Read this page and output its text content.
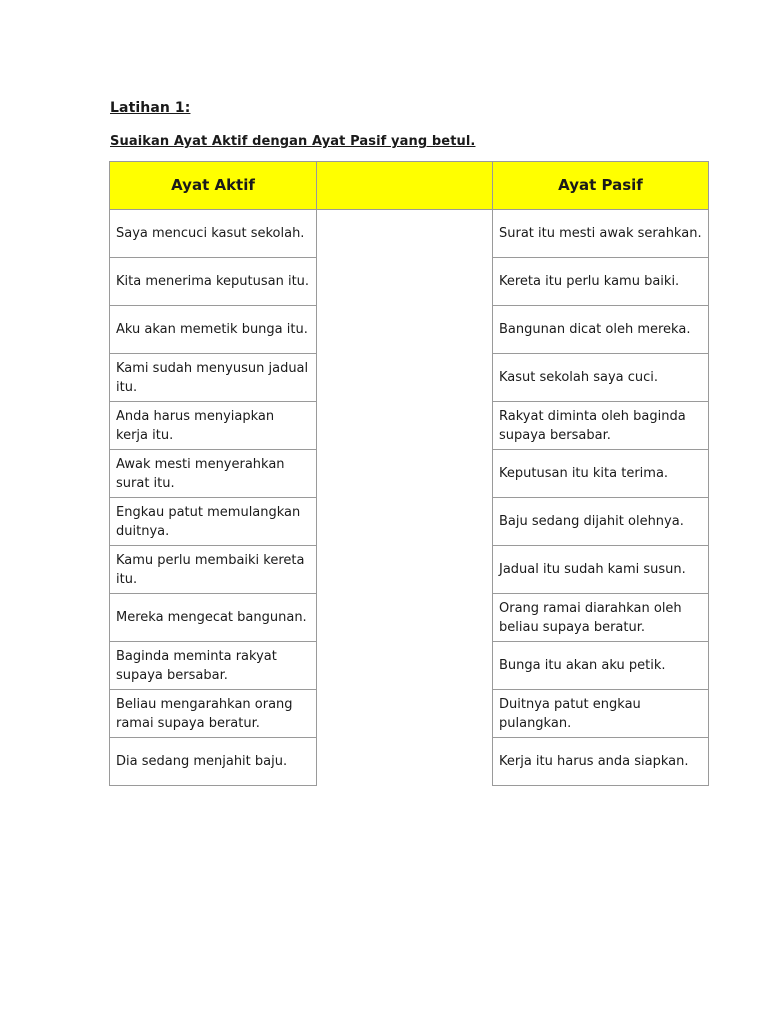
Latihan 1:
Suaikan Ayat Aktif dengan Ayat Pasif yang betul.
Ayat Aktif		Ayat Pasif
Saya mencuci kasut sekolah.		Surat itu mesti awak serahkan.
Kita menerima keputusan itu.		Kereta itu perlu kamu baiki.
Aku akan memetik bunga itu.		Bangunan dicat oleh mereka.
Kami sudah menyusun jadual itu.		Kasut sekolah saya cuci.
Anda harus menyiapkan kerja itu.		Rakyat diminta oleh baginda supaya bersabar.
Awak mesti menyerahkan surat itu.		Keputusan itu kita terima.
Engkau patut memulangkan duitnya.		Baju sedang dijahit olehnya.
Kamu perlu membaiki kereta itu.		Jadual itu sudah kami susun.
Mereka mengecat bangunan.		Orang ramai diarahkan oleh beliau supaya beratur.
Baginda meminta rakyat supaya bersabar.		Bunga itu akan aku petik.
Beliau mengarahkan orang ramai supaya beratur.		Duitnya patut engkau pulangkan.
Dia sedang menjahit baju.		Kerja itu harus anda siapkan.
